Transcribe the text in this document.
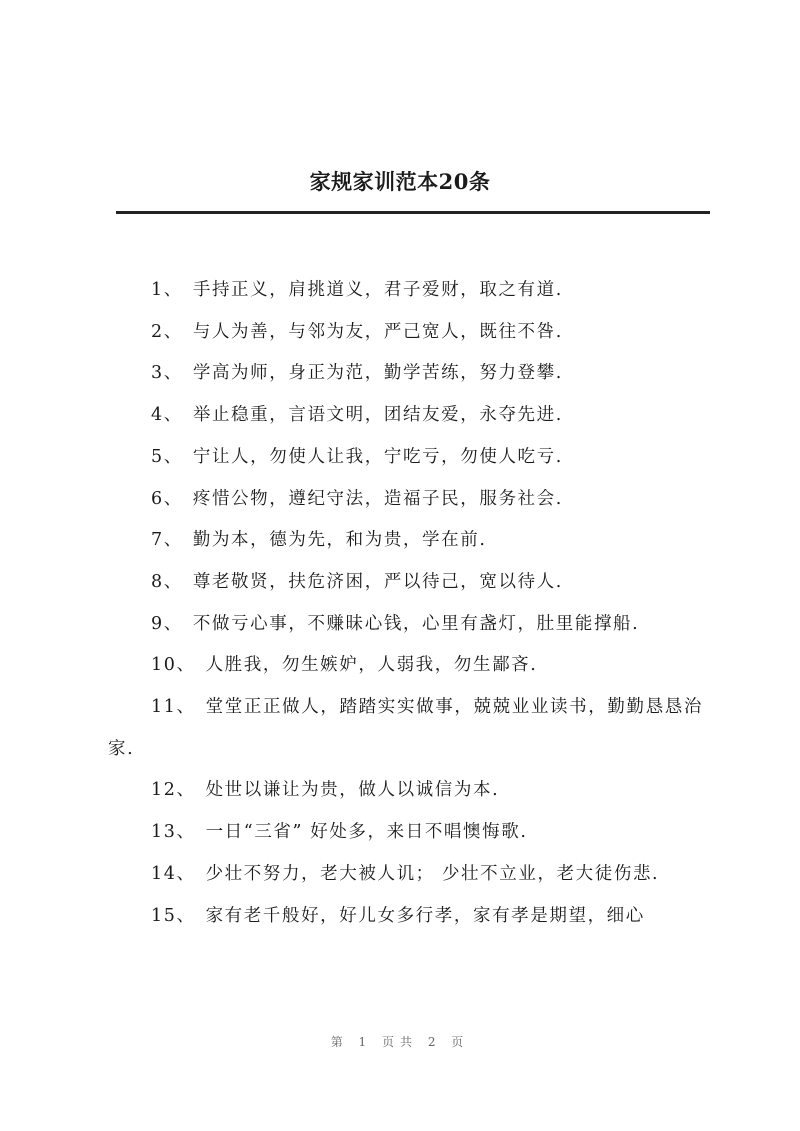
家规家训范本20条

1、 手持正义，肩挑道义，君子爱财，取之有道.

2、 与人为善，与邻为友，严己宽人，既往不咎.

3、 学高为师，身正为范，勤学苦练，努力登攀.

4、 举止稳重，言语文明，团结友爱，永夺先进.

5、 宁让人，勿使人让我，宁吃亏，勿使人吃亏.

6、 疼惜公物，遵纪守法，造福子民，服务社会.

7、 勤为本，德为先，和为贵，学在前.

8、 尊老敬贤，扶危济困，严以待己，宽以待人.

9、 不做亏心事，不赚昧心钱，心里有盏灯，肚里能撑船.

10、 人胜我，勿生嫉妒，人弱我，勿生鄙吝.

11、 堂堂正正做人，踏踏实实做事，兢兢业业读书，勤勤恳恳治家.

12、 处世以谦让为贵，做人以诚信为本.

13、 一日“三省” 好处多，来日不唱懊悔歌.

14、 少壮不努力，老大被人讥； 少壮不立业，老大徒伤悲.

15、 家有老千般好，好儿女多行孝，家有孝是期望，细心

第 1 页共 2 页
